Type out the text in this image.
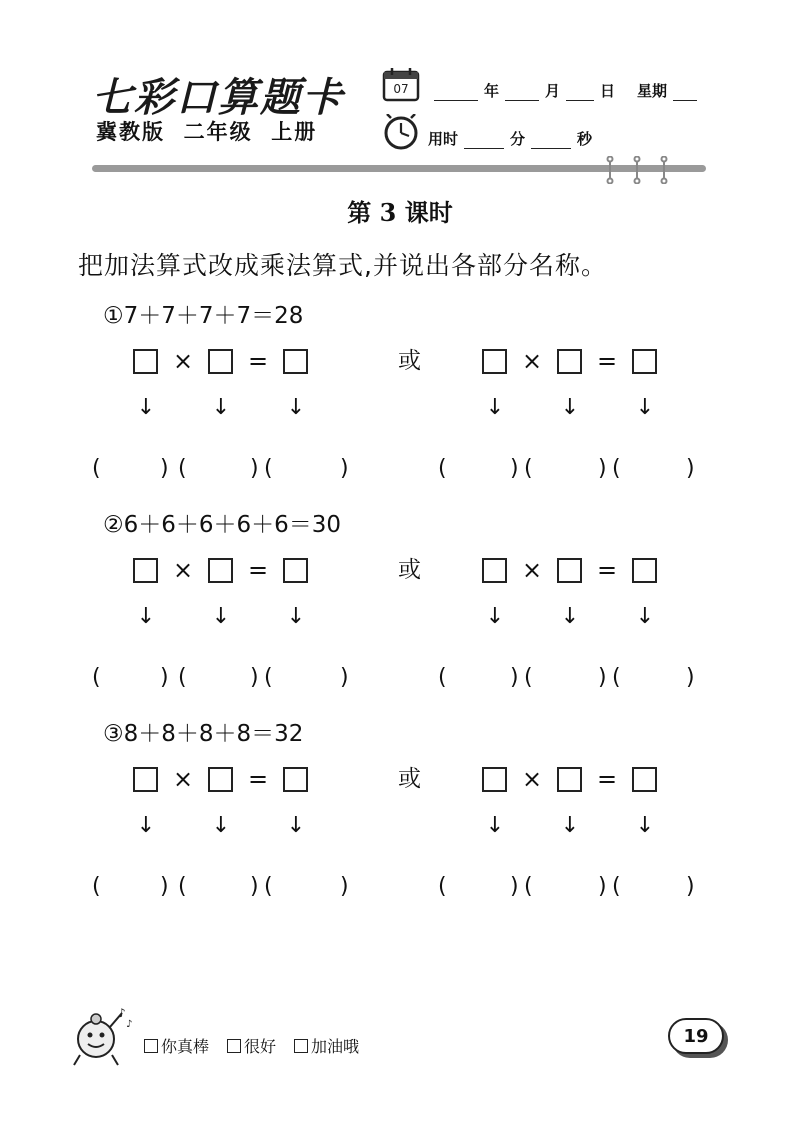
七彩口算题卡
冀教版  二年级  上册
07	年	月	日 星期
用时	分	秒
第 3 课时
把加法算式改成乘法算式,并说出各部分名称。
①7＋7＋7＋7＝28
× =	× =
或
↓	↓	↓	↓	↓	↓
(	) (	) (	)	(	) (	) (	)
②6＋6＋6＋6＋6＝30
× =	× =
或
↓	↓	↓	↓	↓	↓
(	) (	) (	)	(	) (	) (	)
③8＋8＋8＋8＝32
× =	× =
或
↓	↓	↓	↓	↓	↓
(	) (	) (	)	(	) (	) (	)
♪
♪
你真棒 很好 加油哦	19
